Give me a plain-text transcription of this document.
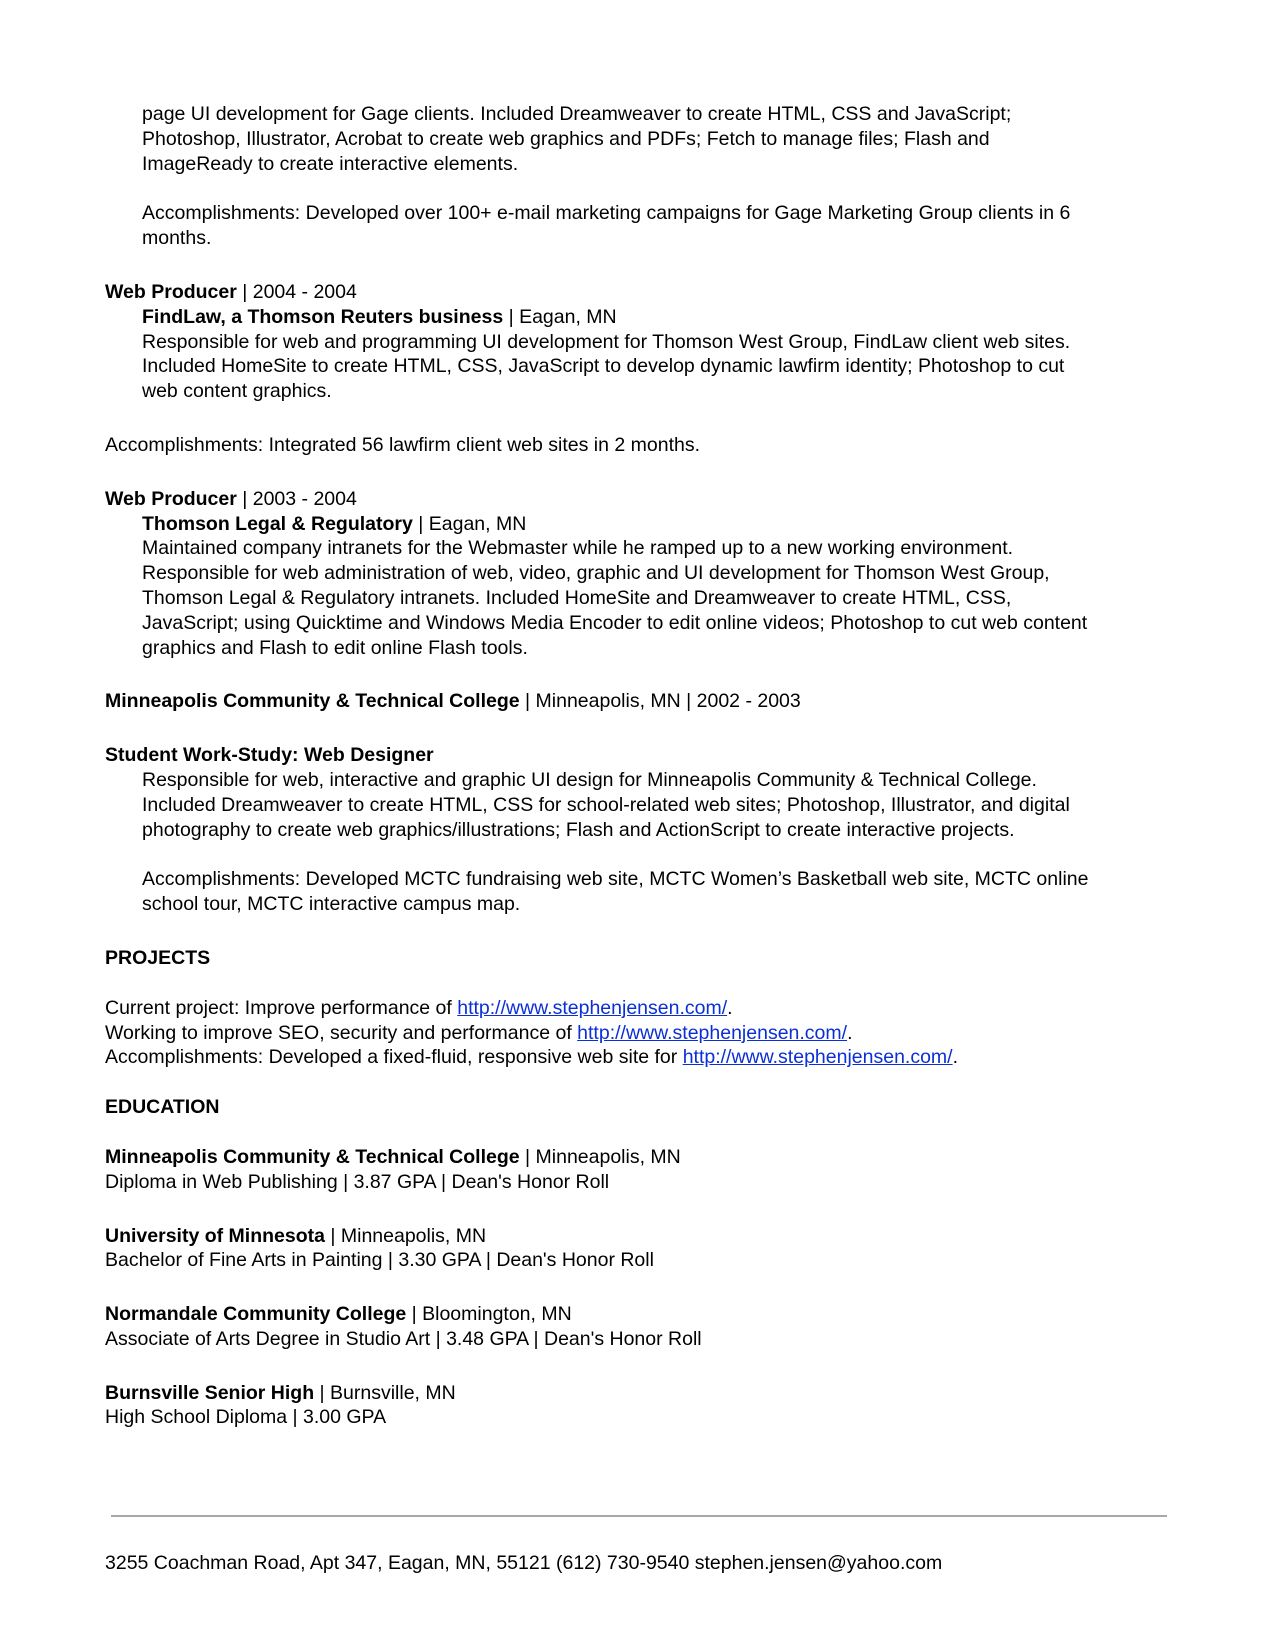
page UI development for Gage clients. Included Dreamweaver to create HTML, CSS and JavaScript;

Photoshop, Illustrator, Acrobat to create web graphics and PDFs; Fetch to manage files; Flash and

ImageReady to create interactive elements.

Accomplishments: Developed over 100+ e-mail marketing campaigns for Gage Marketing Group clients in 6

months.

Web Producer | 2004 - 2004

FindLaw, a Thomson Reuters business | Eagan, MN

Responsible for web and programming UI development for Thomson West Group, FindLaw client web sites.

Included HomeSite to create HTML, CSS, JavaScript to develop dynamic lawfirm identity; Photoshop to cut

web content graphics.

Accomplishments: Integrated 56 lawfirm client web sites in 2 months.

Web Producer | 2003 - 2004

Thomson Legal & Regulatory | Eagan, MN

Maintained company intranets for the Webmaster while he ramped up to a new working environment.

Responsible for web administration of web, video, graphic and UI development for Thomson West Group,

Thomson Legal & Regulatory intranets. Included HomeSite and Dreamweaver to create HTML, CSS,

JavaScript; using Quicktime and Windows Media Encoder to edit online videos; Photoshop to cut web content

graphics and Flash to edit online Flash tools.

Minneapolis Community & Technical College | Minneapolis, MN | 2002 - 2003

Student Work-Study: Web Designer

Responsible for web, interactive and graphic UI design for Minneapolis Community & Technical College.

Included Dreamweaver to create HTML, CSS for school-related web sites; Photoshop, Illustrator, and digital

photography to create web graphics/illustrations; Flash and ActionScript to create interactive projects.

Accomplishments: Developed MCTC fundraising web site, MCTC Women’s Basketball web site, MCTC online

school tour, MCTC interactive campus map.

PROJECTS

Current project: Improve performance of http://www.stephenjensen.com/.

Working to improve SEO, security and performance of http://www.stephenjensen.com/.

Accomplishments: Developed a fixed-fluid, responsive web site for http://www.stephenjensen.com/.

EDUCATION

Minneapolis Community & Technical College | Minneapolis, MN

Diploma in Web Publishing | 3.87 GPA | Dean's Honor Roll

University of Minnesota | Minneapolis, MN

Bachelor of Fine Arts in Painting | 3.30 GPA | Dean's Honor Roll

Normandale Community College | Bloomington, MN

Associate of Arts Degree in Studio Art | 3.48 GPA | Dean's Honor Roll

Burnsville Senior High | Burnsville, MN

High School Diploma | 3.00 GPA

3255 Coachman Road, Apt 347, Eagan, MN, 55121 (612) 730-9540 stephen.jensen@yahoo.com
